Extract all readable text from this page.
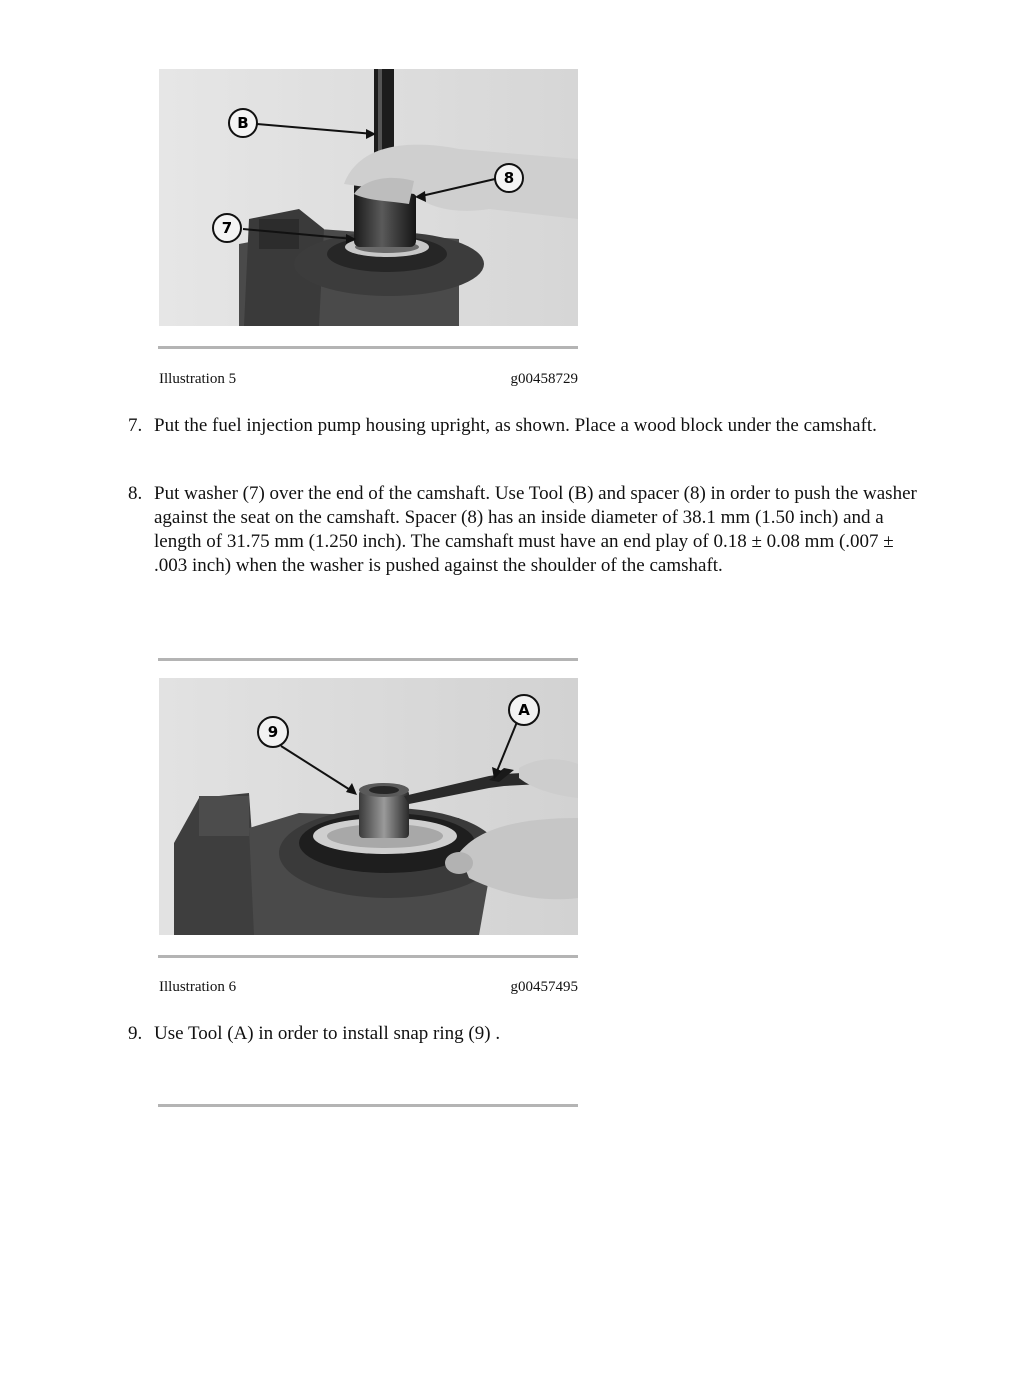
B
8
7
Illustration 5	g00458729
7. Put the fuel injection pump housing upright, as shown. Place a wood block under the camshaft.
8. Put washer (7) over the end of the camshaft. Use Tool (B) and spacer (8) in order to push the washer against the seat on the camshaft. Spacer (8) has an inside diameter of 38.1 mm (1.50 inch) and a length of 31.75 mm (1.250 inch). The camshaft must have an end play of 0.18 ± 0.08 mm (.007 ± .003 inch) when the washer is pushed against the shoulder of the camshaft.
9
A
Illustration 6	g00457495
9. Use Tool (A) in order to install snap ring (9) .
